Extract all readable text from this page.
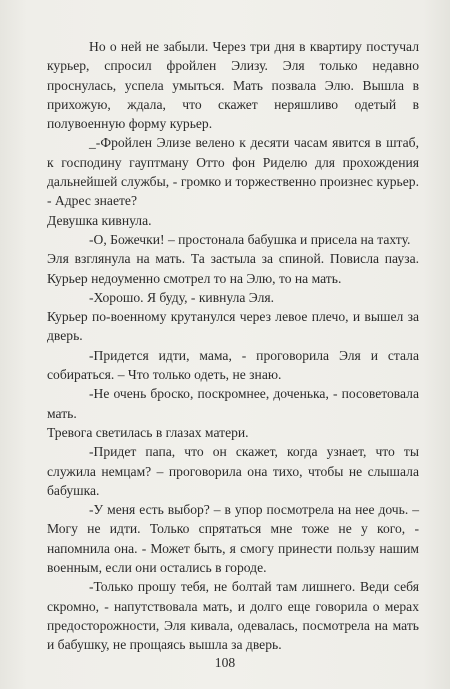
Но о ней не забыли. Через три дня в квартиру постучал курьер, спросил фройлен Элизу. Эля только недавно проснулась, успела умыться. Мать позвала Элю. Вышла в прихожую, ждала, что скажет неряшливо одетый в полувоенную форму курьер.

_-Фройлен Элизе велено к десяти часам явится в штаб, к господину гауптману Отто фон Риделю для прохождения дальнейшей службы, - громко и торжественно произнес курьер. - Адрес знаете?

Девушка кивнула.

-О, Божечки! – простонала бабушка и присела на тахту.

Эля взглянула на мать. Та застыла за спиной. Повисла пауза. Курьер недоуменно смотрел то на Элю, то на мать.

-Хорошо. Я буду, - кивнула Эля.

Курьер по-военному крутанулся через левое плечо, и вышел за дверь.

-Придется идти, мама, - проговорила Эля и стала собираться. – Что только одеть, не знаю.

-Не очень броско, поскромнее, доченька, - посоветовала мать.

Тревога светилась в глазах матери.

-Придет папа, что он скажет, когда узнает, что ты служила немцам? – проговорила она тихо, чтобы не слышала бабушка.

-У меня есть выбор? – в упор посмотрела на нее дочь. – Могу не идти. Только спрятаться мне тоже не у кого, - напомнила она. - Может быть, я смогу принести пользу нашим военным, если они остались в городе.

-Только прошу тебя, не болтай там лишнего. Веди себя скромно, - напутствовала мать, и долго еще говорила о мерах предосторожности, Эля кивала, одевалась, посмотрела на мать и бабушку, не прощаясь вышла за дверь.

108
